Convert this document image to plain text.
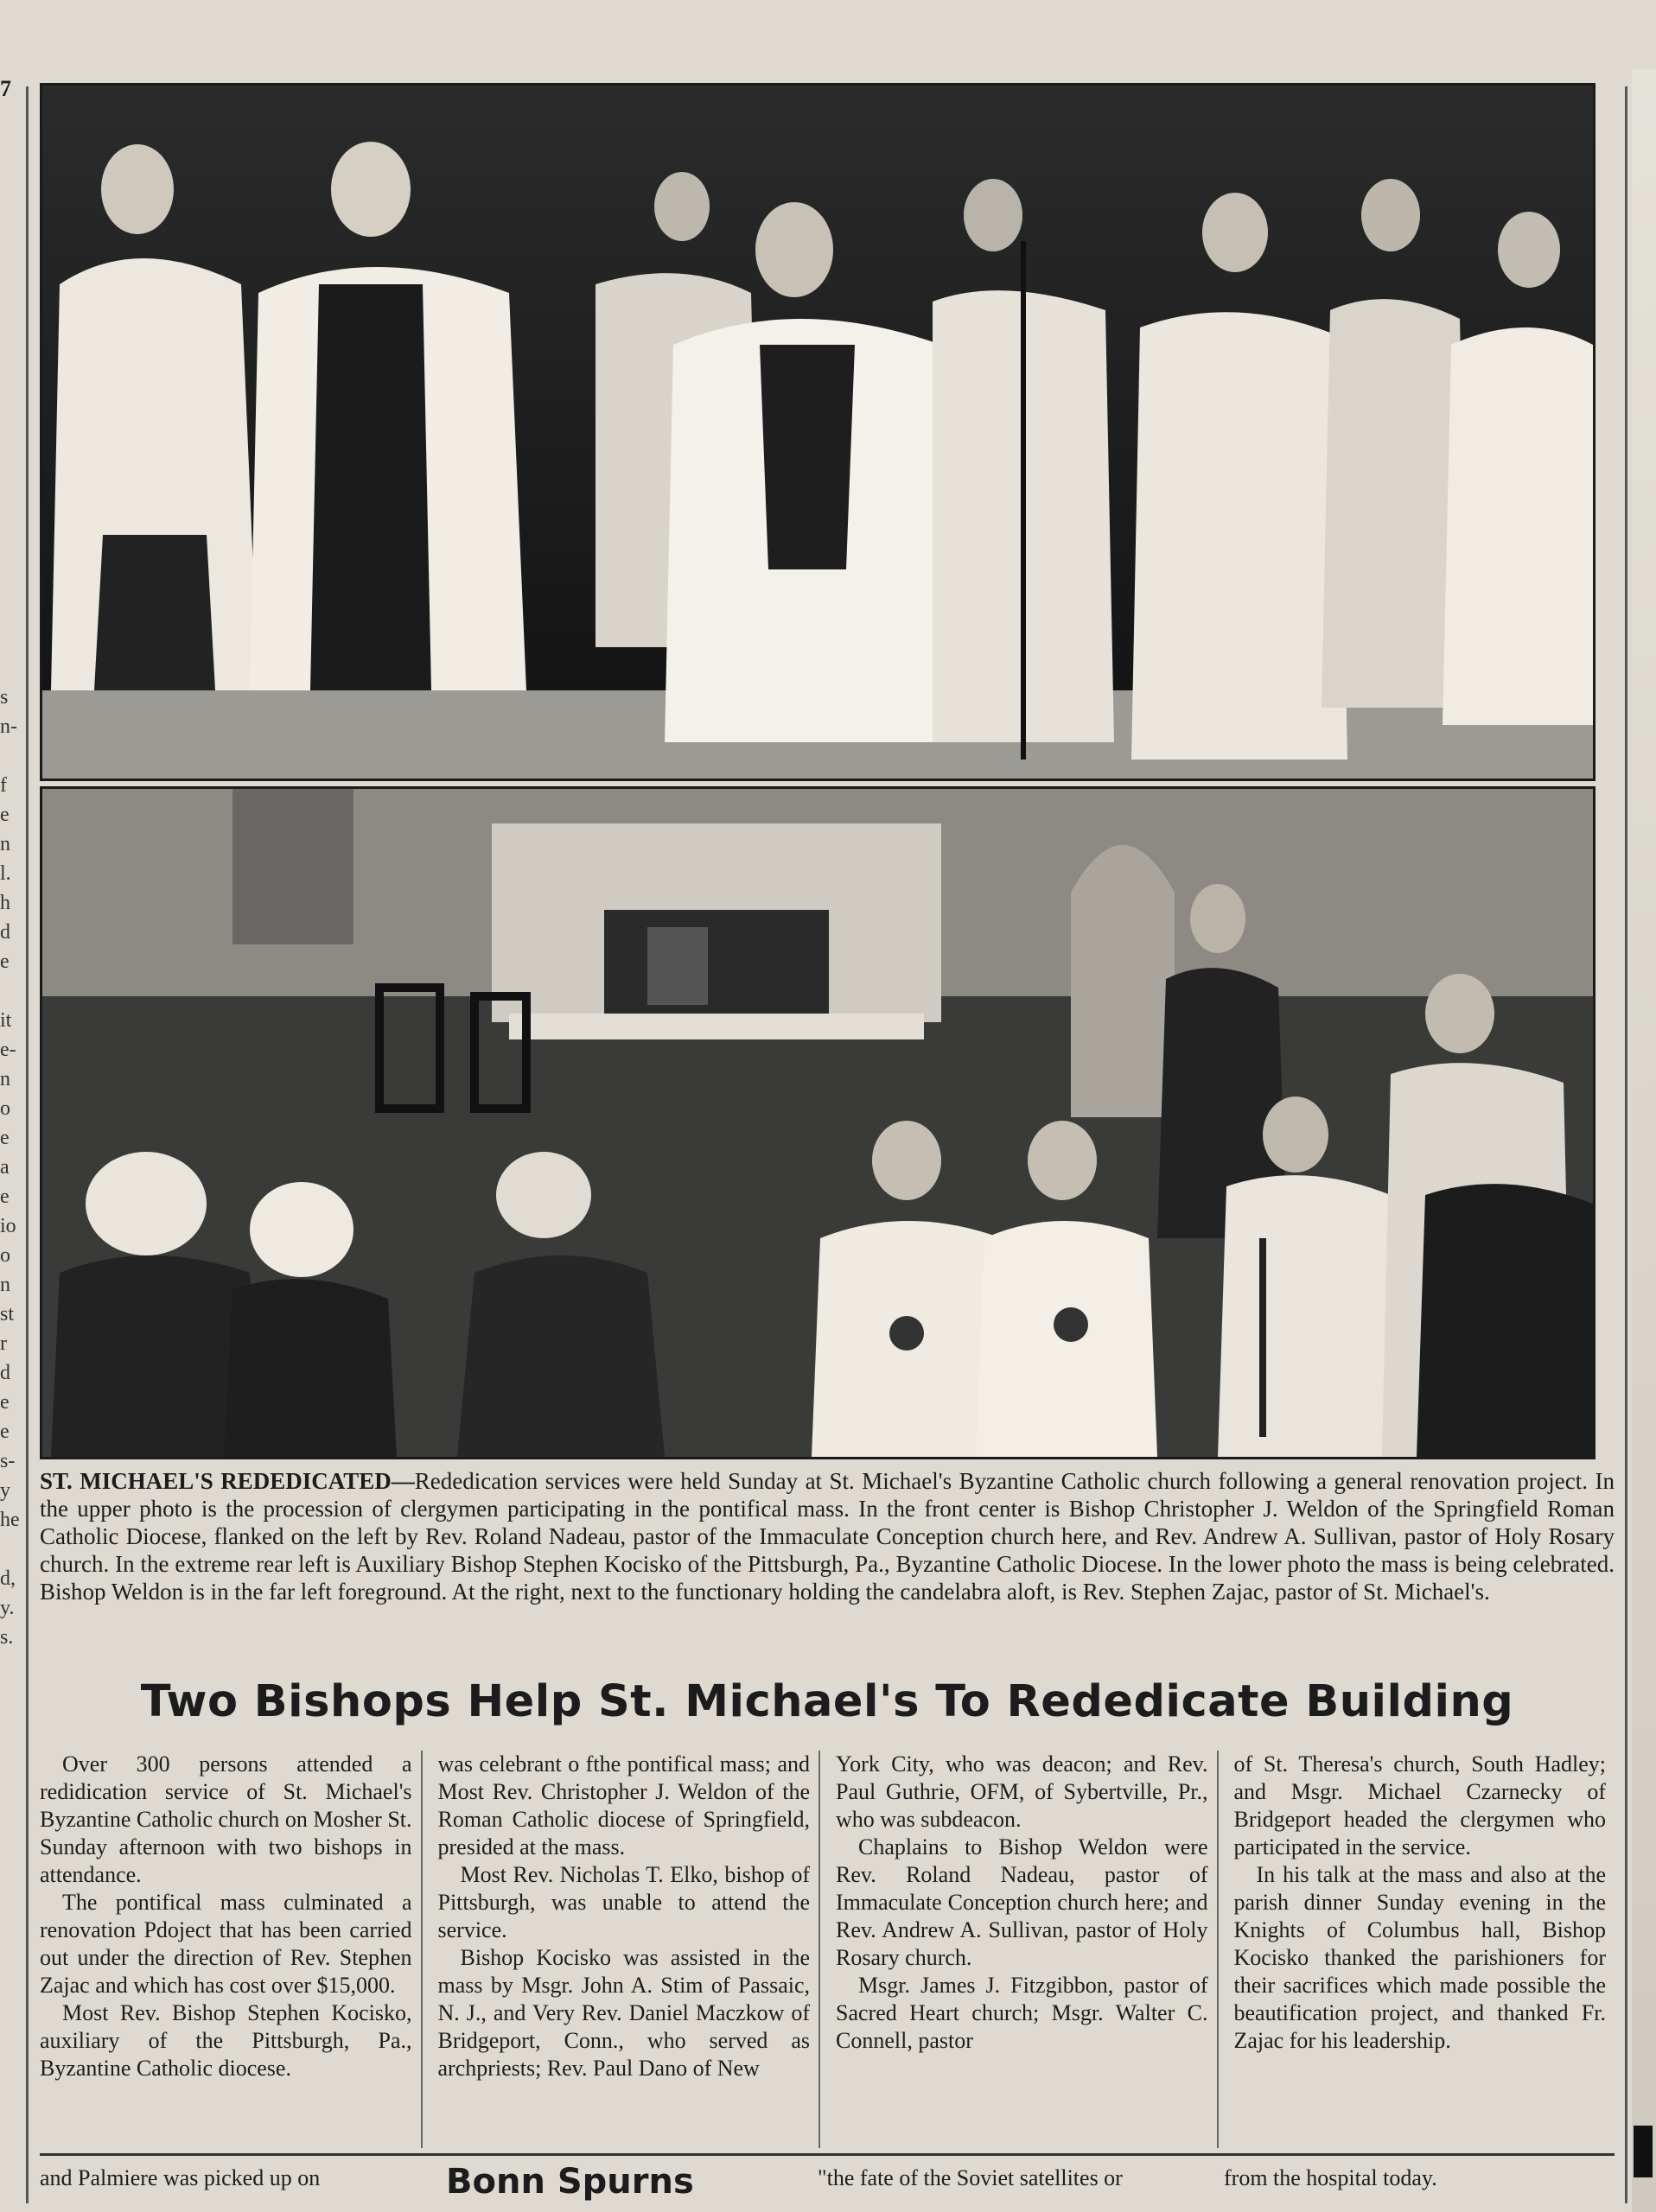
7
s
n-

f
e
n
l.
h
d
e

it
e-
n
o
e
a
e
io
o
n
st
r
d
e
e
s-
y
he

d,
y.
s.
ST. MICHAEL'S REDEDICATED—Rededication services were held Sunday at St. Michael's Byzantine Catholic church following a general renovation project. In the upper photo is the procession of clergymen participating in the pontifical mass. In the front center is Bishop Christopher J. Weldon of the Springfield Roman Catholic Diocese, flanked on the left by Rev. Roland Nadeau, pastor of the Immaculate Conception church here, and Rev. Andrew A. Sullivan, pastor of Holy Rosary church. In the extreme rear left is Auxiliary Bishop Stephen Kocisko of the Pittsburgh, Pa., Byzantine Catholic Diocese. In the lower photo the mass is being celebrated. Bishop Weldon is in the far left foreground. At the right, next to the functionary holding the candelabra aloft, is Rev. Stephen Zajac, pastor of St. Michael's.
Two Bishops Help St. Michael's To Rededicate Building

Over 300 persons attended a redidication service of St. Michael's Byzantine Catholic church on Mosher St. Sunday afternoon with two bishops in attendance.

The pontifical mass culminated a renovation Pdoject that has been carried out under the direction of Rev. Stephen Zajac and which has cost over $15,000.

Most Rev. Bishop Stephen Kocisko, auxiliary of the Pittsburgh, Pa., Byzantine Catholic diocese.

was celebrant o fthe pontifical mass; and Most Rev. Christopher J. Weldon of the Roman Catholic diocese of Springfield, presided at the mass.

Most Rev. Nicholas T. Elko, bishop of Pittsburgh, was unable to attend the service.

Bishop Kocisko was assisted in the mass by Msgr. John A. Stim of Passaic, N. J., and Very Rev. Daniel Maczkow of Bridgeport, Conn., who served as archpriests; Rev. Paul Dano of New

York City, who was deacon; and Rev. Paul Guthrie, OFM, of Sybertville, Pr., who was subdeacon.

Chaplains to Bishop Weldon were Rev. Roland Nadeau, pastor of Immaculate Conception church here; and Rev. Andrew A. Sullivan, pastor of Holy Rosary church.

Msgr. James J. Fitzgibbon, pastor of Sacred Heart church; Msgr. Walter C. Connell, pastor

of St. Theresa's church, South Hadley; and Msgr. Michael Czarnecky of Bridgeport headed the clergymen who participated in the service.

In his talk at the mass and also at the parish dinner Sunday evening in the Knights of Columbus hall, Bishop Kocisko thanked the parishioners for their sacrifices which made possible the beautification project, and thanked Fr. Zajac for his leadership.

and Palmiere was picked up on	Bonn Spurns	"the fate of the Soviet satellites or	from the hospital today.
